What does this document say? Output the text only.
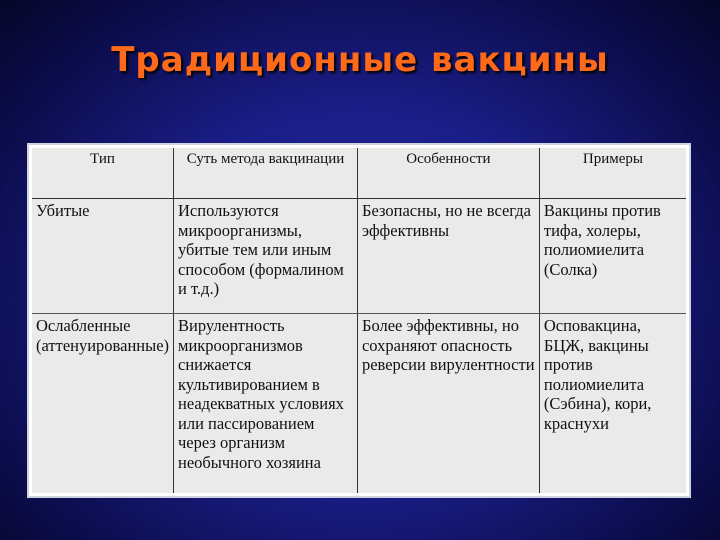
Традиционные вакцины
Тип	Суть метода вакцинации	Особенности	Примеры
Убитые	Используются микроорганизмы, убитые тем или иным способом (формалином и т.д.)	Безопасны, но не всегда эффективны	Вакцины против тифа, холеры, полиомиелита (Солка)
Ослабленные (аттенуированные)	Вирулентность микроорганизмов снижается культивированием в неадекватных условиях или пассированием через организм необычного хозяина	Более эффективны, но сохраняют опасность реверсии вирулентности	Осповакцина, БЦЖ, вакцины против полиомиелита (Сэбина), кори, краснухи
